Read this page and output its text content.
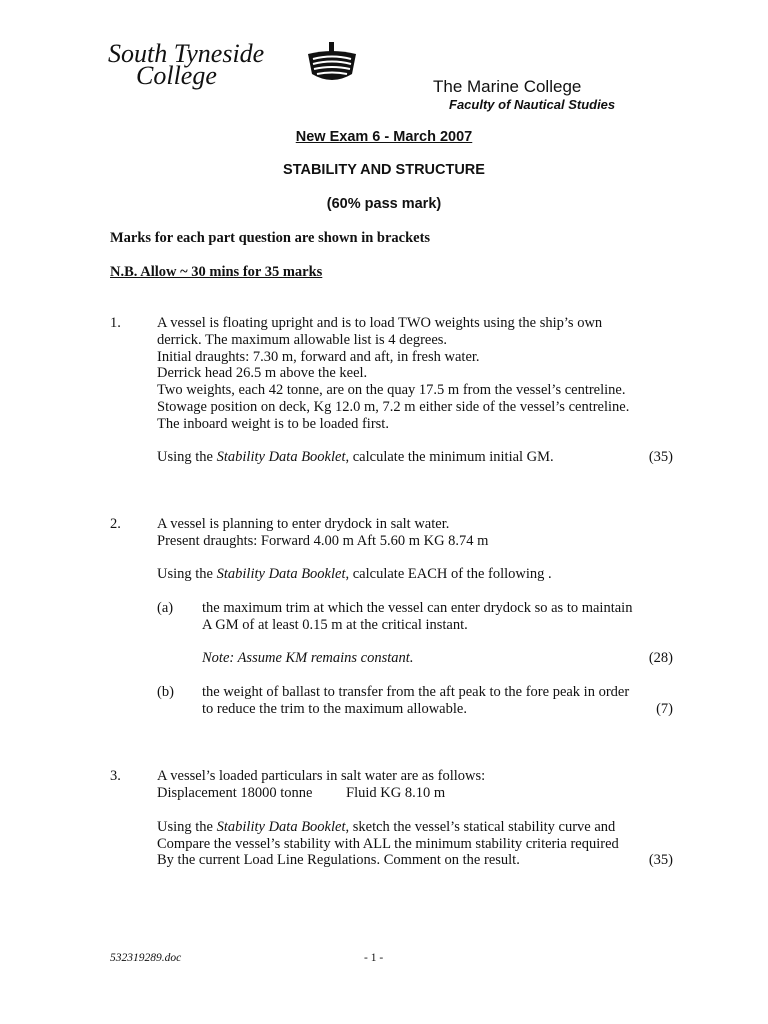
South Tyneside
College	The Marine College
Faculty of Nautical Studies
New Exam 6 - March 2007
STABILITY AND STRUCTURE
(60% pass mark)
Marks for each part question are shown in brackets
N.B. Allow ~ 30 mins for 35 marks
1. A vessel is floating upright and is to load TWO weights using the ship’s own
derrick. The maximum allowable list is 4 degrees.
Initial draughts: 7.30 m, forward and aft, in fresh water.
Derrick head 26.5 m above the keel.
Two weights, each 42 tonne, are on the quay 17.5 m from the vessel’s centreline.
Stowage position on deck, Kg 12.0 m, 7.2 m either side of the vessel’s centreline.
The inboard weight is to be loaded first.
Using the Stability Data Booklet, calculate the minimum initial GM.	(35)
2. A vessel is planning to enter drydock in salt water.
Present draughts: Forward 4.00 m Aft 5.60 m KG 8.74 m
Using the Stability Data Booklet, calculate EACH of the following .
(a) the maximum trim at which the vessel can enter drydock so as to maintain
A GM of at least 0.15 m at the critical instant.
Note: Assume KM remains constant.	(28)
(b) the weight of ballast to transfer from the aft peak to the fore peak in order
to reduce the trim to the maximum allowable.	(7)
3. A vessel’s loaded particulars in salt water are as follows:
Displacement 18000 tonne Fluid KG 8.10 m
Using the Stability Data Booklet, sketch the vessel’s statical stability curve and
Compare the vessel’s stability with ALL the minimum stability criteria required
By the current Load Line Regulations. Comment on the result.	(35)
532319289.doc	- 1 -
